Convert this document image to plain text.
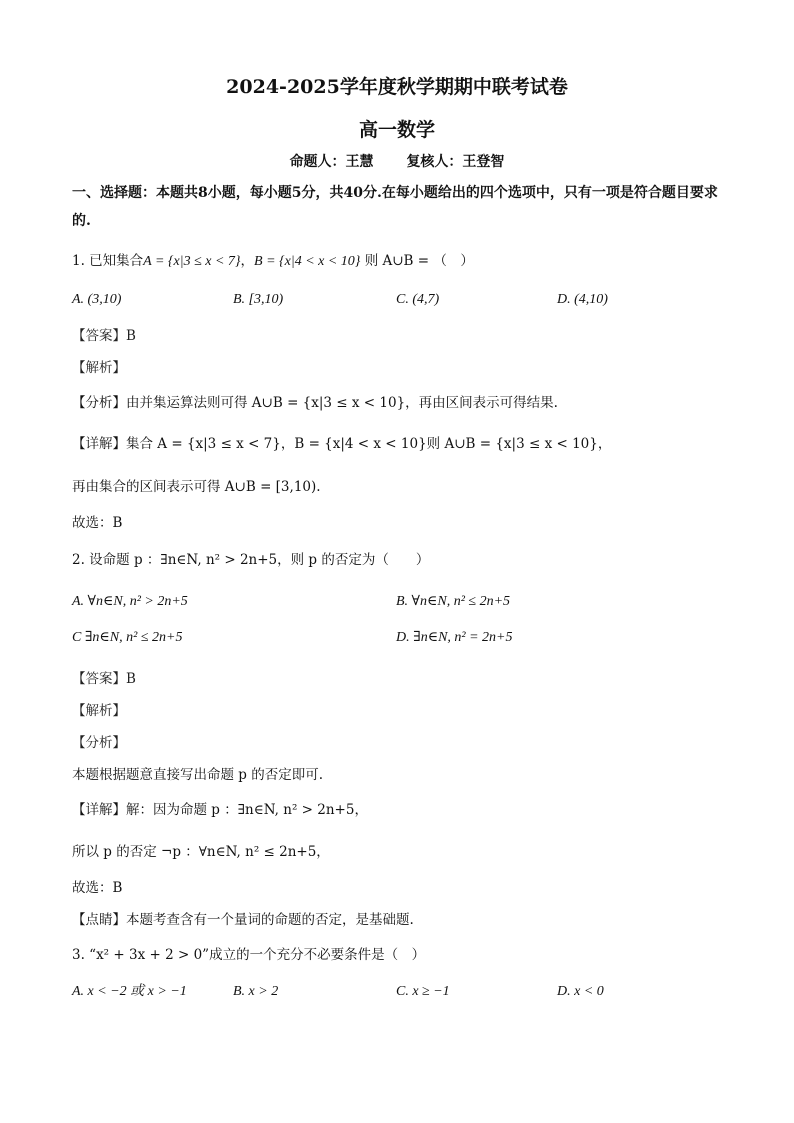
2024-2025学年度秋学期期中联考试卷
高一数学
命题人：王慧 复核人：王登智
一、选择题：本题共8小题，每小题5分，共40分.在每小题给出的四个选项中，只有一项是符合题目要求的.
1. 已知集合A = {x|3 ≤ x < 7}，B = {x|4 < x < 10} 则 A∪B = （　）
A. (3,10)	B. [3,10)	C. (4,7)	D. (4,10)
【答案】B
【解析】
【分析】由并集运算法则可得 A∪B = {x|3 ≤ x < 10}，再由区间表示可得结果.
【详解】集合 A = {x|3 ≤ x < 7}，B = {x|4 < x < 10}则 A∪B = {x|3 ≤ x < 10}，
再由集合的区间表示可得 A∪B = [3,10).
故选：B
2. 设命题 p ：∃n∈N, n² > 2n+5，则 p 的否定为（　　）
A. ∀n∈N, n² > 2n+5	B. ∀n∈N, n² ≤ 2n+5
C ∃n∈N, n² ≤ 2n+5	D. ∃n∈N, n² = 2n+5
【答案】B
【解析】
【分析】
本题根据题意直接写出命题 p 的否定即可.
【详解】解：因为命题 p ：∃n∈N, n² > 2n+5，
所以 p 的否定 ¬p ：∀n∈N, n² ≤ 2n+5，
故选：B
【点睛】本题考查含有一个量词的命题的否定，是基础题.
3. “x² + 3x + 2 > 0”成立的一个充分不必要条件是（　）
A. x < −2 或 x > −1	B. x > 2	C. x ≥ −1	D. x < 0
